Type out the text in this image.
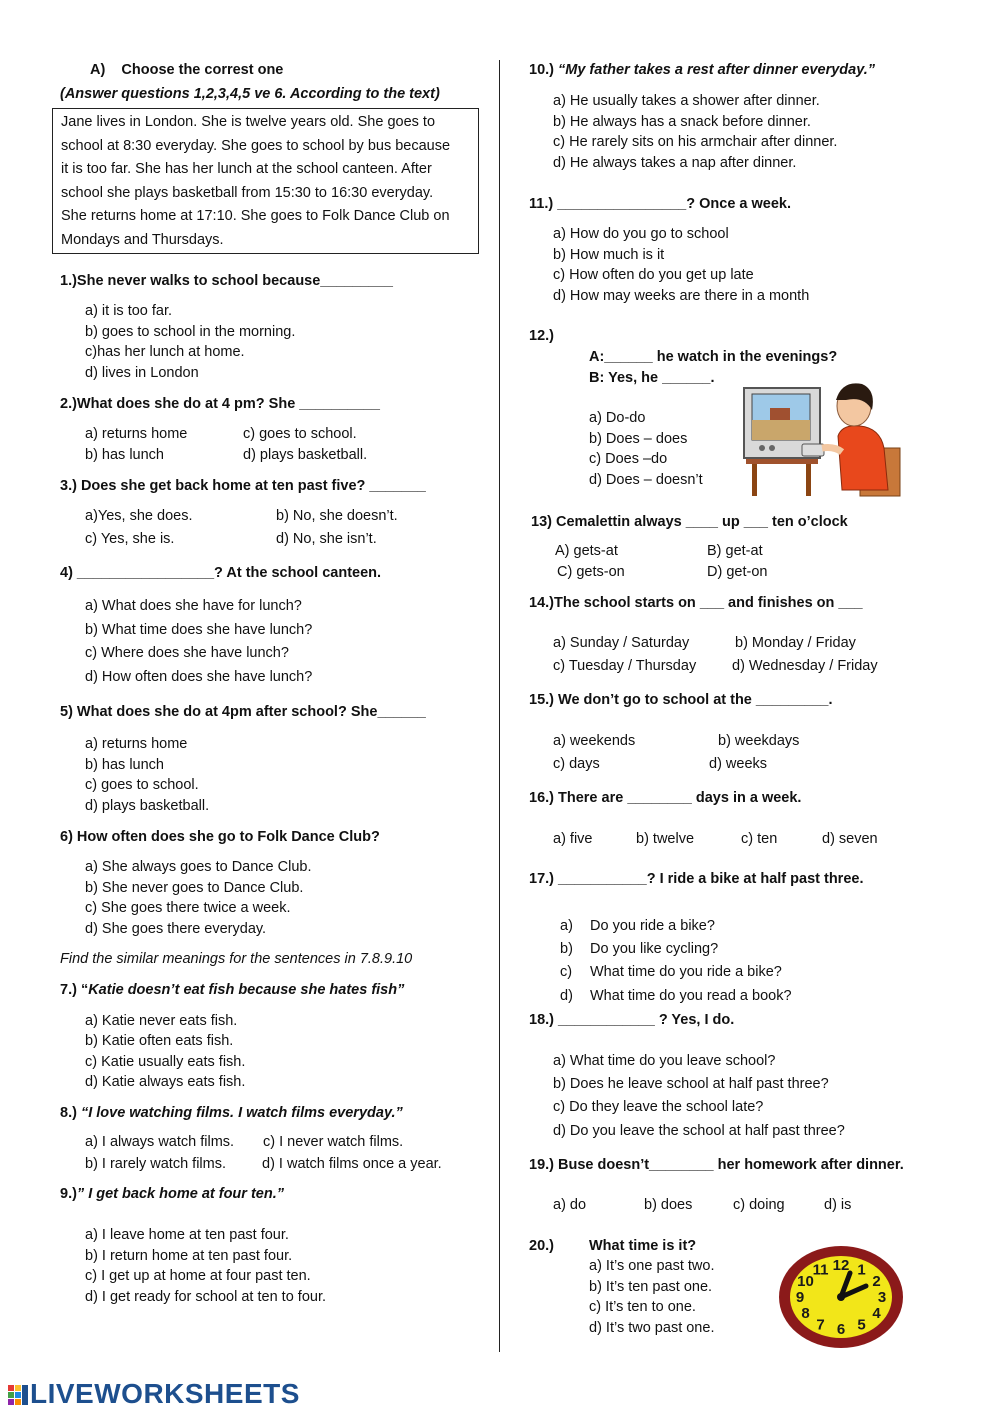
A)    Choose the correst one
(Answer questions 1,2,3,4,5 ve 6. According to the text)
Jane lives in London. She is twelve years old. She goes to
school at 8:30 everyday. She goes to school by bus because
it is too far. She has her lunch at the school canteen. After
school she plays basketball from 15:30 to 16:30 everyday.
She returns home at 17:10. She goes to Folk Dance Club on
Mondays and Thursdays.
1.)She never walks to school because_________
a) it is too far.
b) goes to school in the morning.
c)has her lunch at home.
d) lives in London
2.)What does she do at 4 pm? She __________
a) returns home	c) goes to school.
b) has lunch	d) plays basketball.
3.) Does she get back home at ten past five? _______
a)Yes, she does.	b) No, she doesn’t.
c) Yes, she is.	d) No, she isn’t.
4) _________________? At the school canteen.
a) What does she have for lunch?
b) What time does she have lunch?
c) Where does she have lunch?
d) How often does she have lunch?
5) What does she do at 4pm after school? She______
a) returns home
b) has lunch
c) goes to school.
d) plays basketball.
6) How often does she go to Folk Dance Club?
a) She always goes to Dance Club.
b) She never goes to Dance Club.
c) She goes there twice a week.
d) She goes there everyday.
Find the similar meanings for the sentences in 7.8.9.10
7.) “Katie doesn’t eat fish because she hates fish”
a) Katie never eats fish.
b) Katie often eats fish.
c) Katie usually eats fish.
d) Katie always eats fish.
8.) “I love watching films. I watch films everyday.”
a) I always watch films. c) I never watch films.
b) I rarely watch films. d) I watch films once a year.
9.)” I get back home at four ten.”
a) I leave home at ten past four.
b) I return home at ten past four.
c) I get up at home at four past ten.
d) I get ready for school at ten to four.
10.) “My father takes a rest after dinner everyday.”
a) He usually takes a shower after dinner.
b) He always has a snack before dinner.
c) He rarely sits on his armchair after dinner.
d) He always takes a nap after dinner.
11.) ________________? Once a week.
a) How do you go to school
b) How much is it
c) How often do you get up late
d) How may weeks are there in a month
12.)
A:______ he watch in the evenings?
B: Yes, he ______.
a) Do-do
b) Does – does
c) Does –do
d) Does – doesn’t
13) Cemalettin always ____ up ___ ten o’clock
A) gets-at	B) get-at
C) gets-on	D) get-on
14.)The school starts on ___ and finishes on ___
a) Sunday / Saturday	b) Monday / Friday
c) Tuesday / Thursday d) Wednesday / Friday
15.) We don’t go to school at the _________.
a) weekends	b) weekdays
c) days	d) weeks
16.) There are ________ days in a week.
a) five	b) twelve	c) ten	d) seven
17.) ___________? I ride a bike at half past three.
a) Do you ride a bike?
b) Do you like cycling?
c) What time do you ride a bike?
d) What time do you read a book?
18.) ____________ ? Yes, I do.
a) What time do you leave school?
b) Does he leave school at half past three?
c) Do they leave the school late?
d) Do you leave the school at half past three?
19.) Buse doesn’t________ her homework after dinner.
a) do	b) does	c) doing	d) is
20.) What time is it?
a) It’s one past two.
b) It’s ten past one.
c) It’s ten to one.
d) It’s two past one.
12 1
2
3
4
5
6
7
8
9
10
11
LIVEWORKSHEETS
